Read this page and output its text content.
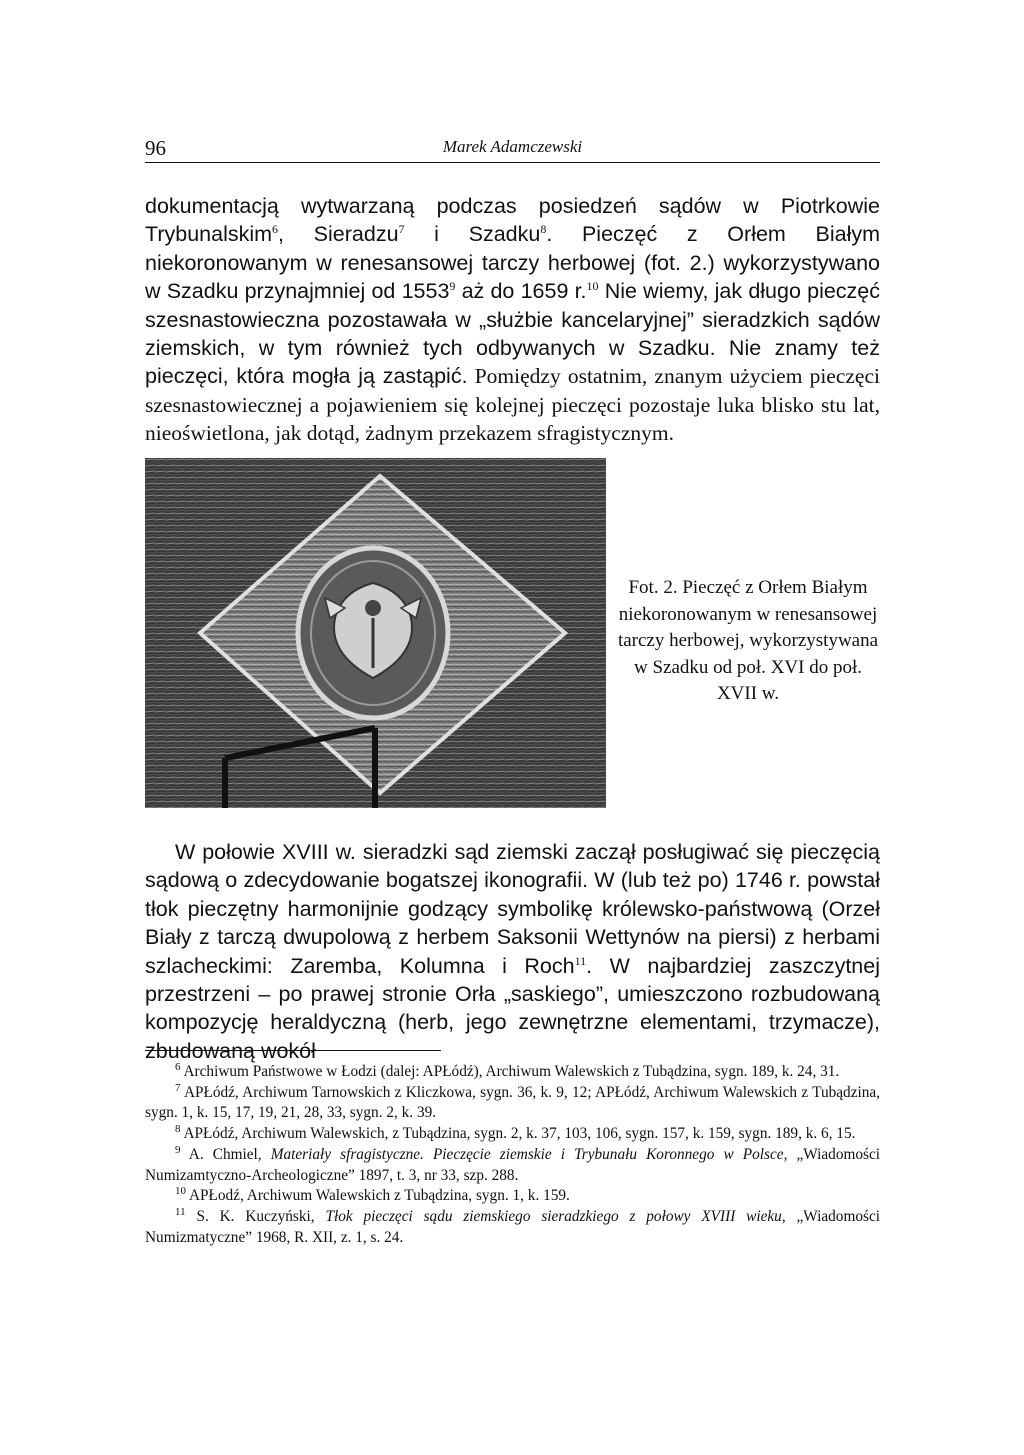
96	Marek Adamczewski

dokumentacją wytwarzaną podczas posiedzeń sądów w Piotrkowie Trybunalskim$^6$, Sieradzu$^7$ i Szadku$^8$. Pieczęć z Orłem Białym niekoronowanym w renesansowej tarczy herbowej (fot. 2.) wykorzystywano w Szadku przynajmniej od 1553$^9$ aż do 1659 r.$^{10}$ Nie wiemy, jak długo pieczęć szesnastowieczna pozostawała w „służbie kancelaryjnej” sieradzkich sądów ziemskich, w tym również tych odbywanych w Szadku. Nie znamy też pieczęci, która mogła ją zastąpić. Pomiędzy ostatnim, znanym użyciem pieczęci szesnastowiecznej a pojawieniem się kolejnej pieczęci pozostaje luka blisko stu lat, nieoświetlona, jak dotąd, żadnym przekazem sfragistycznym.

Fot. 2. Pieczęć z Orłem Białym niekoronowanym w renesansowej tarczy herbowej, wykorzystywana w Szadku od poł. XVI do poł. XVII w.

W połowie XVIII w. sieradzki sąd ziemski zaczął posługiwać się pieczęcią sądową o zdecydowanie bogatszej ikonografii. W (lub też po) 1746 r. powstał tłok pieczętny harmonijnie godzący symbolikę królewsko-państwową (Orzeł Biały z tarczą dwupolową z herbem Saksonii Wettynów na piersi) z herbami szlacheckimi: Zaremba, Kolumna i Roch$^{11}$. W najbardziej zaszczytnej przestrzeni – po prawej stronie Orła „saskiego”, umieszczono rozbudowaną kompozycję heraldyczną (herb, jego zewnętrzne elementami, trzymacze), zbudowaną wokół

$^6$ Archiwum Państwowe w Łodzi (dalej: APŁódź), Archiwum Walewskich z Tubądzina, sygn. 189, k. 24, 31.

$^7$ APŁódź, Archiwum Tarnowskich z Kliczkowa, sygn. 36, k. 9, 12; APŁódź, Archiwum Walewskich z Tubądzina, sygn. 1, k. 15, 17, 19, 21, 28, 33, sygn. 2, k. 39.

$^8$ APŁódź, Archiwum Walewskich, z Tubądzina, sygn. 2, k. 37, 103, 106, sygn. 157, k. 159, sygn. 189, k. 6, 15.

$^9$ A. Chmiel, Materiały sfragistyczne. Pieczęcie ziemskie i Trybunału Koronnego w Polsce, „Wiadomości Numizamtyczno-Archeologiczne” 1897, t. 3, nr 33, szp. 288.

$^{10}$ APŁodź, Archiwum Walewskich z Tubądzina, sygn. 1, k. 159.

$^{11}$ S. K. Kuczyński, Tłok pieczęci sądu ziemskiego sieradzkiego z połowy XVIII wieku, „Wiadomości Numizmatyczne” 1968, R. XII, z. 1, s. 24.
